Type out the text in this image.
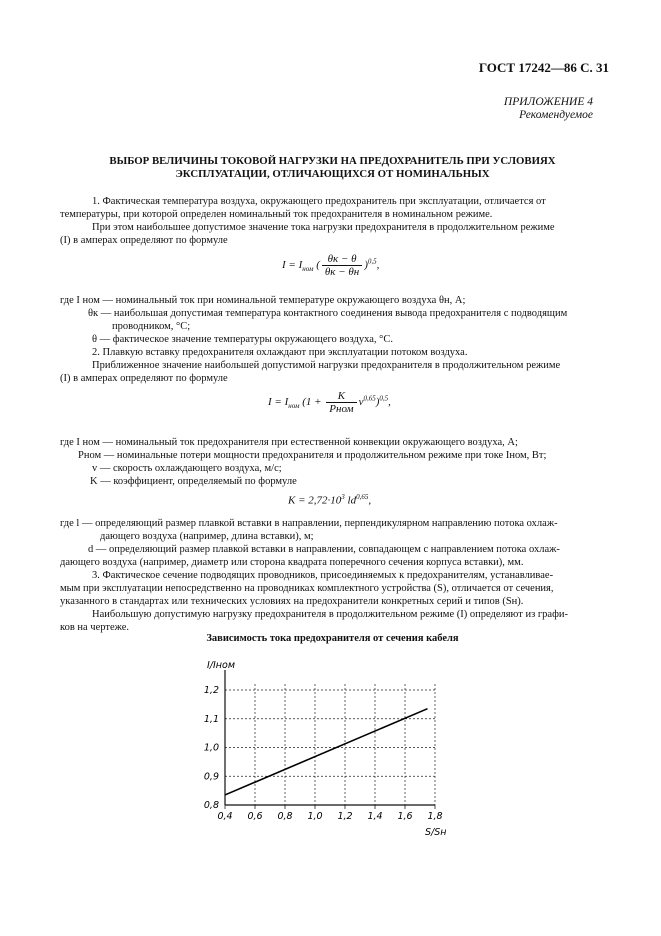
ГОСТ 17242—86 С. 31
ПРИЛОЖЕНИЕ 4
Рекомендуемое
ВЫБОР ВЕЛИЧИНЫ ТОКОВОЙ НАГРУЗКИ НА ПРЕДОХРАНИТЕЛЬ ПРИ УСЛОВИЯХ
ЭКСПЛУАТАЦИИ, ОТЛИЧАЮЩИХСЯ ОТ НОМИНАЛЬНЫХ
1. Фактическая температура воздуха, окружающего предохранитель при эксплуатации, отличается от
температуры, при которой определен номинальный ток предохранителя в номинальном режиме.
При этом наибольшее допустимое значение тока нагрузки предохранителя в продолжительном режиме
(I) в амперах определяют по формуле
$I = I_{ном}$ ( $\frac{\theta к - \theta}{\theta к - \theta н} )^{0,5}$,
где I ном — номинальный ток при номинальной температуре окружающего воздуха θн, А;
θк — наибольшая допустимая температура контактного соединения вывода предохранителя с подводящим
проводником, °С;
θ — фактическое значение температуры окружающего воздуха, °С.
2. Плавкую вставку предохранителя охлаждают при эксплуатации потоком воздуха.
Приближенное значение наибольшей допустимой нагрузки предохранителя в продолжительном режиме
(I) в амперах определяют по формуле
$I = I_{ном}$ $(1 + \frac{K}{\text{Pном}} v^{0,65})^{0,5}$,
где I ном — номинальный ток предохранителя при естественной конвекции окружающего воздуха, А;
Pном — номинальные потери мощности предохранителя и продолжительном режиме при токе Iном, Вт;
v — скорость охлаждающего воздуха, м/с;
K — коэффициент, определяемый по формуле
$K = 2,72\cdot 10^3$ ld$^{0,65}$,
где l — определяющий размер плавкой вставки в направлении, перпендикулярном направлению потока охлаж-
дающего воздуха (например, длина вставки), м;
d — определяющий размер плавкой вставки в направлении, совпадающем с направлением потока охлаж-
дающего воздуха (например, диаметр или сторона квадрата поперечного сечения корпуса вставки), мм.
3. Фактическое сечение подводящих проводников, присоединяемых к предохранителям, устанавливае-
мым при эксплуатации непосредственно на проводниках комплектного устройства (S), отличается от сечения,
указанного в стандартах или технических условиях на предохранители конкретных серий и типов (Sн).
Наибольшую допустимую нагрузку предохранителя в продолжительном режиме (I) определяют из графи-
ков на чертеже.
Зависимость тока предохранителя от сечения кабеля
0,4 0,6 0,8 1,0 1,2 1,4 1,6 1,8
0,8
0,9
1,0
1,1
1,2
I/Iном
S/Sн
